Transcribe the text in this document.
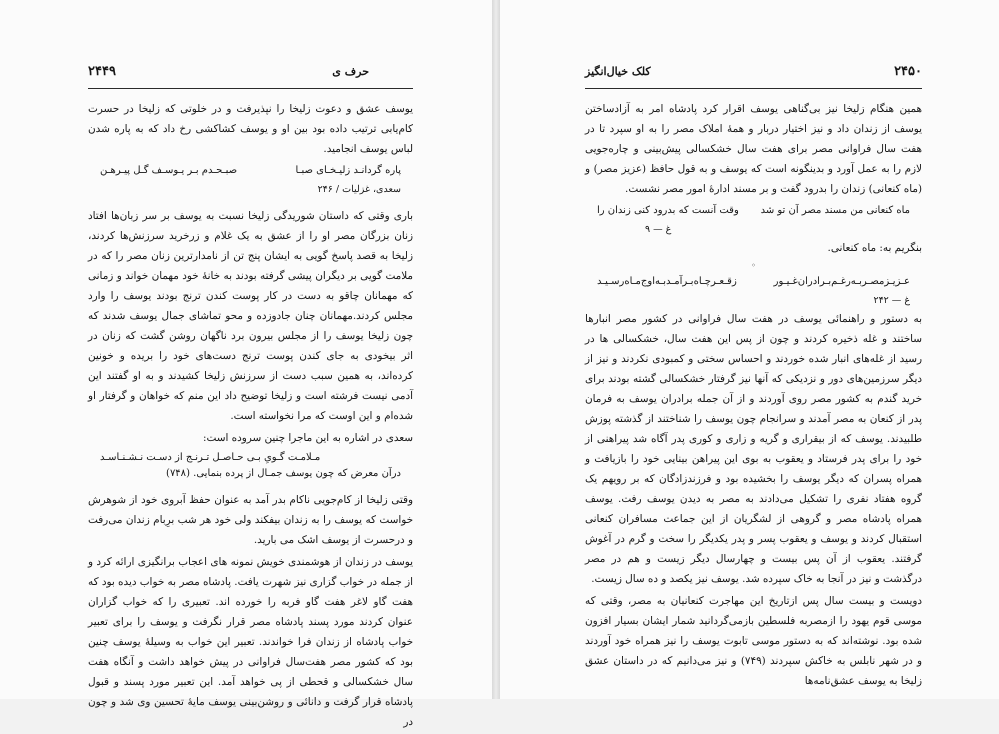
۲۴۴۹	حرف ی

یوسف عشق و دعوت زلیخا را نپذیرفت و در خلوتی که زلیخا در حسرت کام‌یابی ترتیب داده بود بین او و یوسف کشاکشی رخ داد که به پاره شدن لباس یوسف انجامید.

پاره گردانـد زلیـخـای صبـا
صبـحـدم بـر یـوسـف گـل پیـرهـن
سعدی، غزلیات / ۲۴۶

باری وقتی که داستان شوریدگی زلیخا نسبت به یوسف بر سر زبان‌ها افتاد زنان بزرگان مصر او را از عشق به یک غلام و زرخرید سرزنش‌ها کردند، زلیخا به قصد پاسخ گویی به ایشان پنج تن از نامدارترین زنان مصر را که در ملامت گویی بر دیگران پیشی گرفته بودند به خانهٔ خود مهمان خواند و زمانی که مهمانان چاقو به دست در کار پوست کندن ترنج بودند یوسف را وارد مجلس کردند.مهمانان چنان جادوزده و محو تماشای جمال یوسف شدند که چون زلیخا یوسف را از مجلس بیرون برد ناگهان روشن گشت که زنان در اثر بیخودی به جای کندن پوست ترنج دست‌های خود را بریده و خونین کرده‌اند، به همین سبب دست از سرزنش زلیخا کشیدند و به او گفتند این آدمی نیست فرشته است و زلیخا توضیح داد این منم که خواهان و گرفتار او شده‌ام و این اوست که مرا نخواسته است.

سعدی در اشاره به این ماجرا چنین سروده است:

مـلامـت گـویِ بـی حـاصـل تـرنـج از دسـت نـشـنـاسـد
درآن معرض که چون یوسف جمـال از پرده بنمایی. (۷۴۸)

وقتی زلیخا از کام‌جویی ناکام بدر آمد به عنوان حفظ آبروی خود از شوهرش خواست که یوسف را به زندان بیفکند ولی خود هر شب برِبام زندان می‌رفت و درحسرت از یوسف اشک می‌ بارید.

یوسف در زندان از هوشمندی خویش نمونه های اعجاب برانگیزی ارائه کرد و از جمله در خواب گزاری نیز شهرت یافت. پادشاه مصر به خواب دیده بود که هفت گاو لاغر هفت گاو فربه را خورده اند. تعبیری را که خواب گزاران عنوان کردند مورد پسند پادشاه مصر قرار نگرفت و یوسف را برای تعبیر خواب پادشاه از زندان فرا خواندند. تعبیر این خواب به وسیلهٔ یوسف چنین بود که کشور مصر هفت‌سال فراوانی در پیش خواهد داشت و آنگاه هفت سال خشکسالی و قحطی از پی خواهد آمد. این تعبیر مورد پسند و قبول پادشاه قرار گرفت و دانائی و روشن‌بینی یوسف مایهٔ تحسین وی شد و چون در

کلک خیال‌انگیز	۲۴۵۰

همین هنگام زلیخا نیز بی‌گناهی یوسف اقرار کرد پادشاه امر به آزادساختن یوسف از زندان داد و نیز اختیار دربار و همهٔ املاک مصر را به او سپرد تا در هفت سال فراوانی مصر برای هفت سال خشکسالی پیش‌بینی و چاره‌جویی لازم را به عمل آورد و بدینگونه است که یوسف و به قول حافظ (عزیز مصر) و (ماه کنعانی) زندان را بدرود گفت و بر مسند ادارهٔ امور مصر نشست.

ماه کنعانی من مسند مصر آن تو شد
وقت آنست که بدرود کنی زندان را
غ — ۹

بنگریم به: ماه کنعانی.

◦
عـزیـزمصـربـه‌رغـم‌بـرادران‌غـیـور
زقـعـرچـاه‌بـرآمـدبـه‌اوج‌مـاه‌رسـیـد
غ — ۲۴۲

به دستور و راهنمائی یوسف در هفت سال فراوانی در کشور مصر انبارها ساختند و غله ذخیره کردند و چون از پس این هفت سال، خشکسالی ها در رسید از غله‌های انبار شده خوردند و احساس سختی و کمبودی نکردند و نیز از دیگر سرزمین‌های دور و نزدیکی که آنها نیز گرفتار خشکسالی گشته بودند برای خرید گندم به کشور مصر روی آوردند و از آن جمله برادران یوسف به فرمان پدر از کنعان به مصر آمدند و سرانجام چون یوسف را شناختند از گذشته پوزش طلبیدند. یوسف که از بیقراری و گریه و زاری و کوری پدر آگاه شد پیراهنی از خود را برای پدر فرستاد و یعقوب به بوی این پیراهن بینایی خود را بازیافت و همراه پسران که دیگر یوسف را بخشیده بود و فرزندزادگان که بر رویهم یک گروه هفتاد نفری را تشکیل می‌دادند به مصر به دیدن یوسف رفت. یوسف همراه پادشاه مصر و گروهی از لشگریان از این جماعت مسافران کنعانی استقبال کردند و یوسف و یعقوب پسر و پدر یکدیگر را سخت و گرم در آغوش گرفتند. یعقوب از آن پس بیست و چهارسال دیگر زیست و هم در مصر درگذشت و نیز در آنجا به خاک سپرده شد. یوسف نیز یکصد و ده سال زیست.

دویست و بیست سال پس ازتاریخ این مهاجرت کنعانیان به مصر، وقتی که موسی قوم یهود را ازمصربه فلسطین بازمی‌گردانید شمار ایشان بسیار افزون شده بود. نوشته‌اند که به دستور موسی تابوت یوسف را نیز همراه خود آوردند و در شهر نابلس به خاکش سپردند (۷۴۹) و نیز می‌دانیم که در داستان عشق زلیخا به یوسف عشق‌نامه‌ها
